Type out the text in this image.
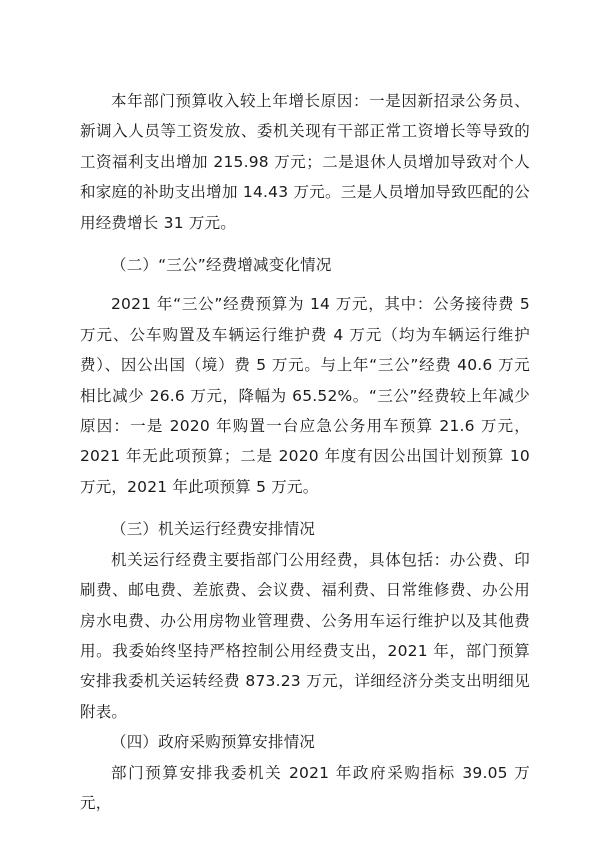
本年部门预算收入较上年增长原因：一是因新招录公务员、新调入人员等工资发放、委机关现有干部正常工资增长等导致的工资福利支出增加 215.98 万元；二是退休人员增加导致对个人和家庭的补助支出增加 14.43 万元。三是人员增加导致匹配的公用经费增长 31 万元。

（二）“三公”经费增减变化情况

2021 年“三公”经费预算为 14 万元，其中：公务接待费 5 万元、公车购置及车辆运行维护费 4 万元（均为车辆运行维护费）、因公出国（境）费 5 万元。与上年“三公”经费 40.6 万元相比减少 26.6 万元，降幅为 65.52%。“三公”经费较上年减少原因：一是 2020 年购置一台应急公务用车预算 21.6 万元，2021 年无此项预算；二是 2020 年度有因公出国计划预算 10 万元，2021 年此项预算 5 万元。

（三）机关运行经费安排情况

机关运行经费主要指部门公用经费，具体包括：办公费、印刷费、邮电费、差旅费、会议费、福利费、日常维修费、办公用房水电费、办公用房物业管理费、公务用车运行维护以及其他费用。我委始终坚持严格控制公用经费支出，2021 年，部门预算安排我委机关运转经费 873.23 万元，详细经济分类支出明细见附表。

（四）政府采购预算安排情况

部门预算安排我委机关 2021 年政府采购指标 39.05 万元，
